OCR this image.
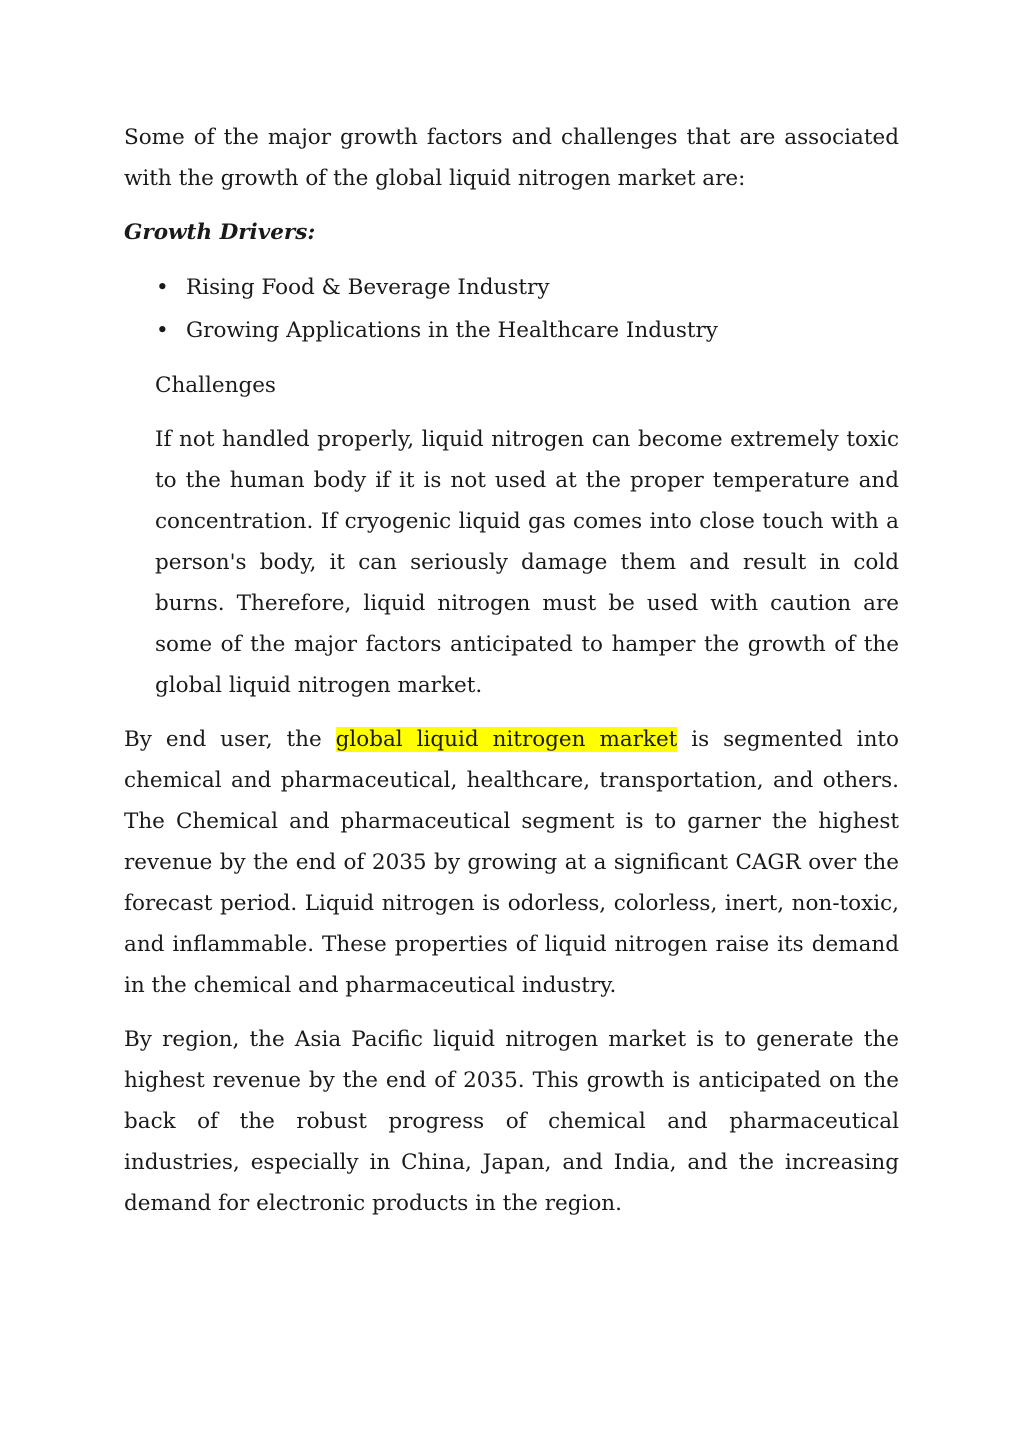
Some of the major growth factors and challenges that are associated with the growth of the global liquid nitrogen market are:

Growth Drivers:
• Rising Food & Beverage Industry
• Growing Applications in the Healthcare Industry

Challenges

If not handled properly, liquid nitrogen can become extremely toxic to the human body if it is not used at the proper temperature and concentration. If cryogenic liquid gas comes into close touch with a person's body, it can seriously damage them and result in cold burns. Therefore, liquid nitrogen must be used with caution are some of the major factors anticipated to hamper the growth of the global liquid nitrogen market.

By end user, the global liquid nitrogen market is segmented into chemical and pharmaceutical, healthcare, transportation, and others. The Chemical and pharmaceutical segment is to garner the highest revenue by the end of 2035 by growing at a significant CAGR over the forecast period. Liquid nitrogen is odorless, colorless, inert, non-toxic, and inflammable. These properties of liquid nitrogen raise its demand in the chemical and pharmaceutical industry.

By region, the Asia Pacific liquid nitrogen market is to generate the highest revenue by the end of 2035. This growth is anticipated on the back of the robust progress of chemical and pharmaceutical industries, especially in China, Japan, and India, and the increasing demand for electronic products in the region.
